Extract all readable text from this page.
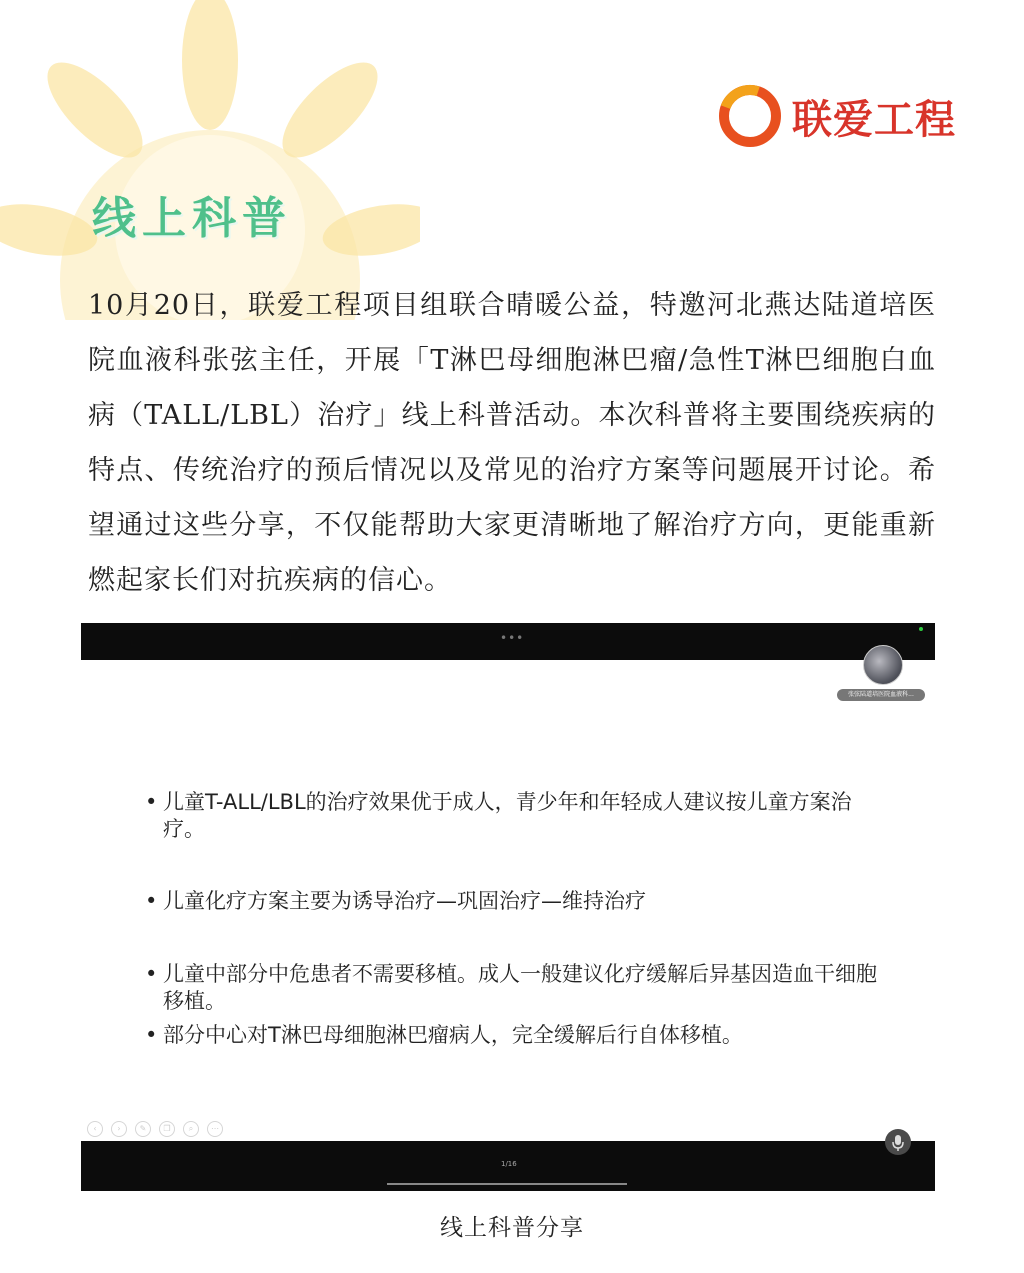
联爱工程
线上科普

10月20日，联爱工程项目组联合晴暖公益，特邀河北燕达陆道培医院血液科张弦主任，开展「T淋巴母细胞淋巴瘤/急性T淋巴细胞白血病（TALL/LBL）治疗」线上科普活动。本次科普将主要围绕疾病的特点、传统治疗的预后情况以及常见的治疗方案等问题展开讨论。希望通过这些分享，不仅能帮助大家更清晰地了解治疗方向，更能重新燃起家长们对抗疾病的信心。

•••
张弦陆道培医院血液科...
• 儿童T-ALL/LBL的治疗效果优于成人，青少年和年轻成人建议按儿童方案治疗。
• 儿童化疗方案主要为诱导治疗—巩固治疗—维持治疗
• 儿童中部分中危患者不需要移植。成人一般建议化疗缓解后异基因造血干细胞移植。
• 部分中心对T淋巴母细胞淋巴瘤病人，完全缓解后行自体移植。
‹	›	✎	❐	⌕	⋯
1/16

线上科普分享
